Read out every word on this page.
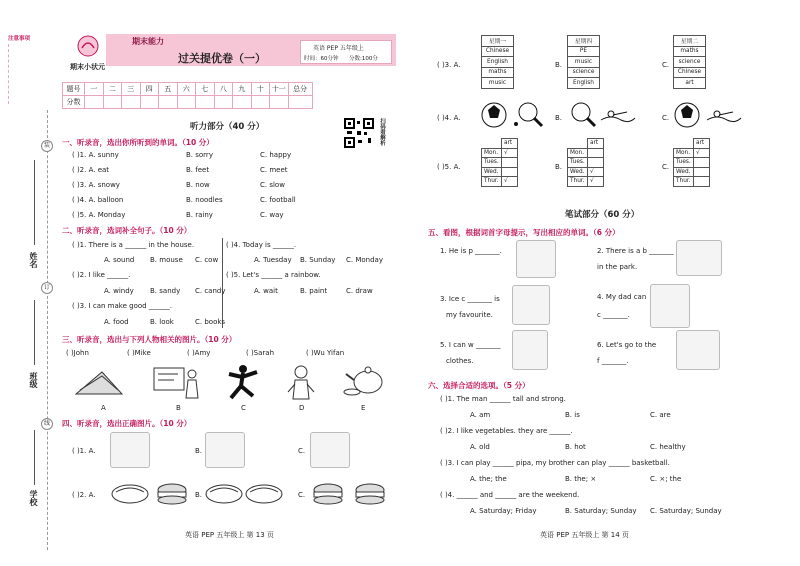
注意事项
装
订
线
姓名
班级
学校
期末小状元
期末能力
过关提优卷（一）
英语 PEP 五年级上
时间：60分钟 分数:100分
题号	一	二	三	四	五	六	七	八	九	十	十一	总分
分数												
扫码看解析
听力部分（40 分）
一、听录音，选出你所听到的单词。（10 分）
( )1. A. sunny	B. sorry	C. happy
( )2. A. eat	B. feet	C. meet
( )3. A. snowy	B. now	C. slow
( )4. A. balloon	B. noodles	C. football
( )5. A. Monday	B. rainy	C. way
二、听录音，选词补全句子。（10 分）
( )1. There is a ______ in the house.
A. sound B. mouse C. cow
( )2. I like ______.
A. windy B. sandy C. candy
( )3. I can make good ______.
A. food	B. look	C. books
( )4. Today is ______.
A. Tuesday B. Sunday C. Monday
( )5. Let's ______ a rainbow.
A. wait	B. paint	C. draw
三、听录音，选出与下列人物相关的图片。（10 分）
( )John	( )Mike	( )Amy	( )Sarah	( )Wu Yifan
A	B	C	D	E
四、听录音，选出正确图片。（10 分）
( )1. A.	B.	C.
( )2. A.	B.	C.
英语 PEP 五年级上 第 13 页
( )3. A.
星期一
Chinese
English
maths
music
B.
星期四
PE
music
science
English
C.
星期二
maths
science
Chinese
art
( )4. A.	B.	C.
( )5. A.
	art
Mon.	√
Tues.	
Wed.	
Thur.	√
B.
	art
Mon.	
Tues.	
Wed.	√
Thur.	√
C.
	art
Mon.	√
Tues.	
Wed.	
Thur.	
笔试部分（60 分）
五、看图，根据词首字母提示，写出相应的单词。（6 分）
1. He is p _______.	2. There is a b _______
in the park.
3. Ice c _______ is
my favourite.
4. My dad can
c _______.
5. I can w _______
clothes.
6. Let's go to the
f _______.
六、选择合适的选项。（5 分）
( )1. The man ______ tall and strong.
A. am	B. is	C. are
( )2. I like vegetables. they are ______.
A. old	B. hot	C. healthy
( )3. I can play ______ pipa, my brother can play ______ basketball.
A. the; the	B. the; ×	C. ×; the
( )4. ______ and ______ are the weekend.
A. Saturday; Friday	B. Saturday; Sunday C. Saturday; Sunday
英语 PEP 五年级上 第 14 页
